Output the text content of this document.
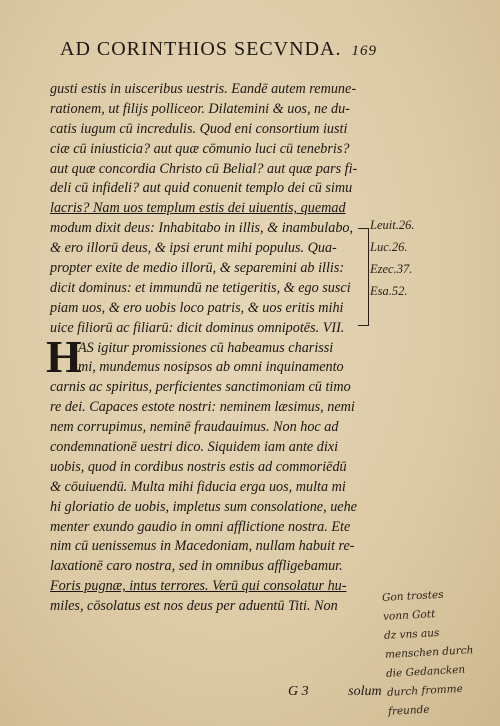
AD CORINTHIOS SECVNDA. 169
gusti estis in uisceribus uestris. Eandē autem remune-
rationem, ut filijs polliceor. Dilatemini & uos, ne du-
catis iugum cū incredulis. Quod eni consortium iusti
ciæ cū iniusticia? aut quæ cōmunio luci cū tenebris?
aut quæ concordia Christo cū Belial? aut quæ pars fi-
deli cū infideli? aut quid conuenit templo dei cū simu
lacris? Nam uos templum estis dei uiuentis, quemad
modum dixit deus: Inhabitabo in illis, & inambulabo,
& ero illorū deus, & ipsi erunt mihi populus. Qua-
propter exite de medio illorū, & separemini ab illis:
dicit dominus: et immundū ne tetigeritis, & ego susci
piam uos, & ero uobis loco patris, & uos eritis mihi
uice filiorū ac filiarū: dicit dominus omnipotēs. VII.
H
AS igitur promissiones cū habeamus charissi
mi, mundemus nosipsos ab omni inquinamento
carnis ac spiritus, perficientes sanctimoniam cū timo
re dei. Capaces estote nostri: neminem læsimus, nemi
nem corrupimus, neminē fraudauimus. Non hoc ad
condemnationē uestri dico. Siquidem iam ante dixi
uobis, quod in cordibus nostris estis ad commoriēdū
& cōuiuendū. Multa mihi fiducia erga uos, multa mi
hi gloriatio de uobis, impletus sum consolatione, uehe
menter exundo gaudio in omni afflictione nostra. Ete
nim cū uenissemus in Macedoniam, nullam habuit re-
laxationē caro nostra, sed in omnibus affligebamur.
Foris pugnæ, intus terrores. Verū qui consolatur hu-
miles, cōsolatus est nos deus per aduentū Titi. Non
G 3	solum
Leuit.26.
Luc.26.
Ezec.37.
Esa.52.
Gon trostes
vonn Gott
dz vns aus
menschen durch
die Gedancken
durch fromme
freunde
